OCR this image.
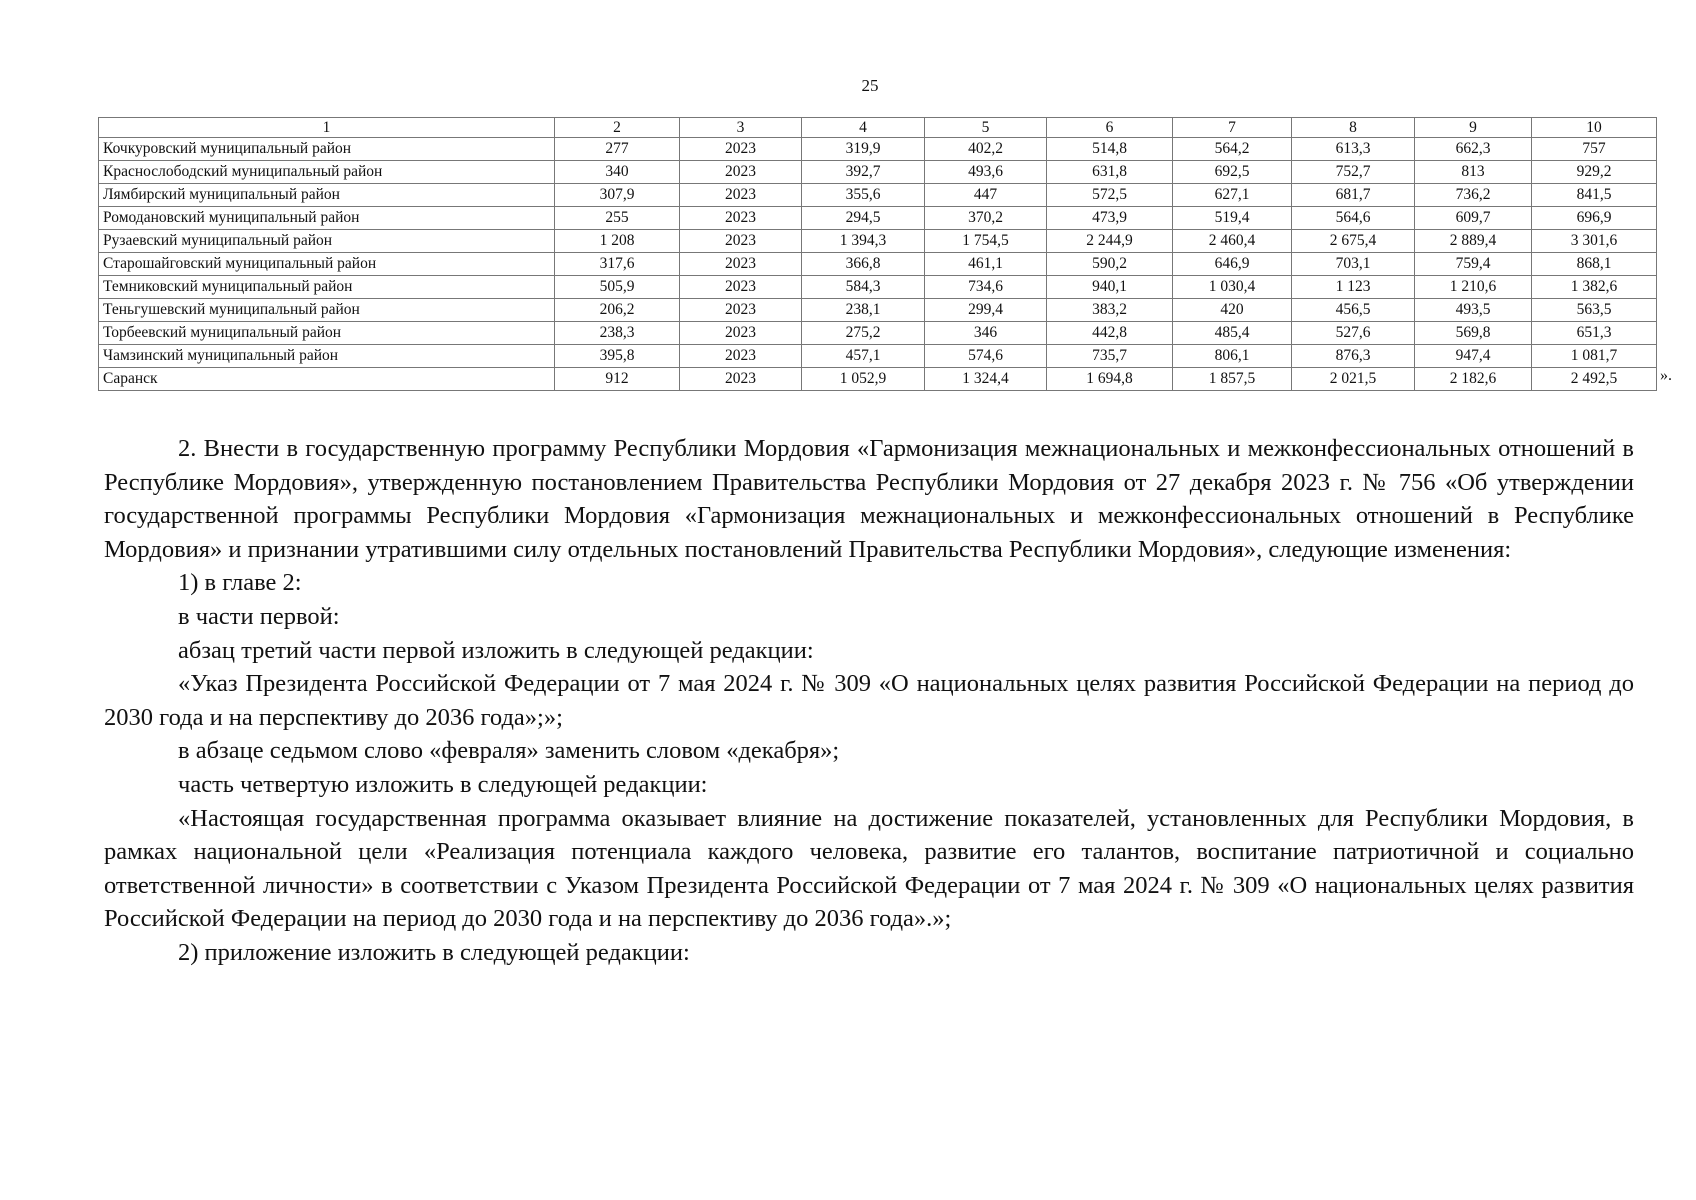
25
1	2	3	4	5	6	7	8	9	10
Кочкуровский муниципальный район	277	2023	319,9	402,2	514,8	564,2	613,3	662,3	757
Краснослободский муниципальный район	340	2023	392,7	493,6	631,8	692,5	752,7	813	929,2
Лямбирский муниципальный район	307,9	2023	355,6	447	572,5	627,1	681,7	736,2	841,5
Ромодановский муниципальный район	255	2023	294,5	370,2	473,9	519,4	564,6	609,7	696,9
Рузаевский муниципальный район	1 208	2023	1 394,3	1 754,5	2 244,9	2 460,4	2 675,4	2 889,4	3 301,6
Старошайговский муниципальный район	317,6	2023	366,8	461,1	590,2	646,9	703,1	759,4	868,1
Темниковский муниципальный район	505,9	2023	584,3	734,6	940,1	1 030,4	1 123	1 210,6	1 382,6
Теньгушевский муниципальный район	206,2	2023	238,1	299,4	383,2	420	456,5	493,5	563,5
Торбеевский муниципальный район	238,3	2023	275,2	346	442,8	485,4	527,6	569,8	651,3
Чамзинский муниципальный район	395,8	2023	457,1	574,6	735,7	806,1	876,3	947,4	1 081,7
Саранск	912	2023	1 052,9	1 324,4	1 694,8	1 857,5	2 021,5	2 182,6	2 492,5	».

2. Внести в государственную программу Республики Мордовия «Гармонизация межнациональных и межконфессиональных отношений в Республике Мордовия», утвержденную постановлением Правительства Республики Мордовия от 27 декабря 2023 г. № 756 «Об утверждении государственной программы Республики Мордовия «Гармонизация межнациональных и межконфессиональных отношений в Республике Мордовия» и признании утратившими силу отдельных постановлений Правительства Республики Мордовия», следующие изменения:

1) в главе 2:

в части первой:

абзац третий части первой изложить в следующей редакции:

«Указ Президента Российской Федерации от 7 мая 2024 г. № 309 «О национальных целях развития Российской Федерации на период до 2030 года и на перспективу до 2036 года»;»;

в абзаце седьмом слово «февраля» заменить словом «декабря»;

часть четвертую изложить в следующей редакции:

«Настоящая государственная программа оказывает влияние на достижение показателей, установленных для Республики Мордовия, в рамках национальной цели «Реализация потенциала каждого человека, развитие его талантов, воспитание патриотичной и социально ответственной личности» в соответствии с Указом Президента Российской Федерации от 7 мая 2024 г. № 309 «О национальных целях развития Российской Федерации на период до 2030 года и на перспективу до 2036 года».»;

2) приложение изложить в следующей редакции:
